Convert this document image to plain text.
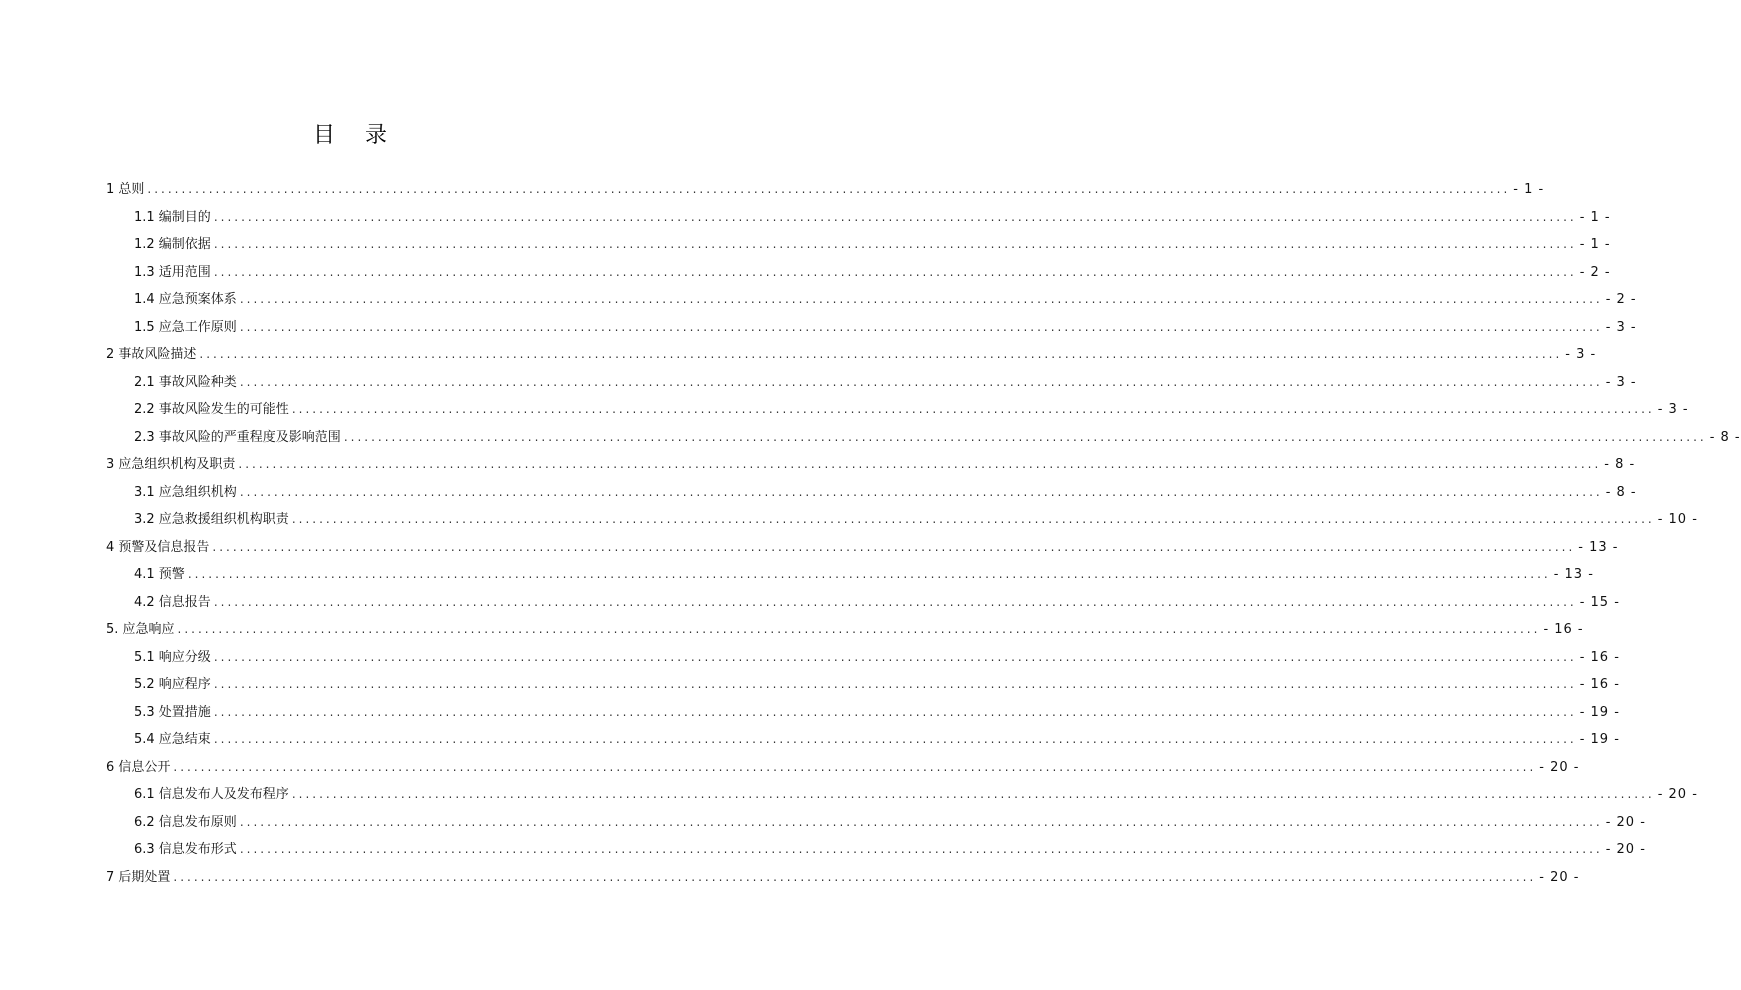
目录
1 总则 ........................................................................................................................................................................................................ - 1 -
1.1 编制目的 ........................................................................................................................................................................................................ - 1 -
1.2 编制依据 ........................................................................................................................................................................................................ - 1 -
1.3 适用范围 ........................................................................................................................................................................................................ - 2 -
1.4 应急预案体系 ........................................................................................................................................................................................................ - 2 -
1.5 应急工作原则 ........................................................................................................................................................................................................ - 3 -
2 事故风险描述 ........................................................................................................................................................................................................ - 3 -
2.1 事故风险种类 ........................................................................................................................................................................................................ - 3 -
2.2 事故风险发生的可能性 ........................................................................................................................................................................................................ - 3 -
2.3 事故风险的严重程度及影响范围 ........................................................................................................................................................................................................ - 8 -
3 应急组织机构及职责 ........................................................................................................................................................................................................ - 8 -
3.1 应急组织机构 ........................................................................................................................................................................................................ - 8 -
3.2 应急救援组织机构职责 ........................................................................................................................................................................................................ - 10 -
4 预警及信息报告 ........................................................................................................................................................................................................ - 13 -
4.1 预警 ........................................................................................................................................................................................................ - 13 -
4.2 信息报告 ........................................................................................................................................................................................................ - 15 -
5. 应急响应 ........................................................................................................................................................................................................ - 16 -
5.1 响应分级 ........................................................................................................................................................................................................ - 16 -
5.2 响应程序 ........................................................................................................................................................................................................ - 16 -
5.3 处置措施 ........................................................................................................................................................................................................ - 19 -
5.4 应急结束 ........................................................................................................................................................................................................ - 19 -
6 信息公开 ........................................................................................................................................................................................................ - 20 -
6.1 信息发布人及发布程序 ........................................................................................................................................................................................................ - 20 -
6.2 信息发布原则 ........................................................................................................................................................................................................ - 20 -
6.3 信息发布形式 ........................................................................................................................................................................................................ - 20 -
7 后期处置 ........................................................................................................................................................................................................ - 20 -
